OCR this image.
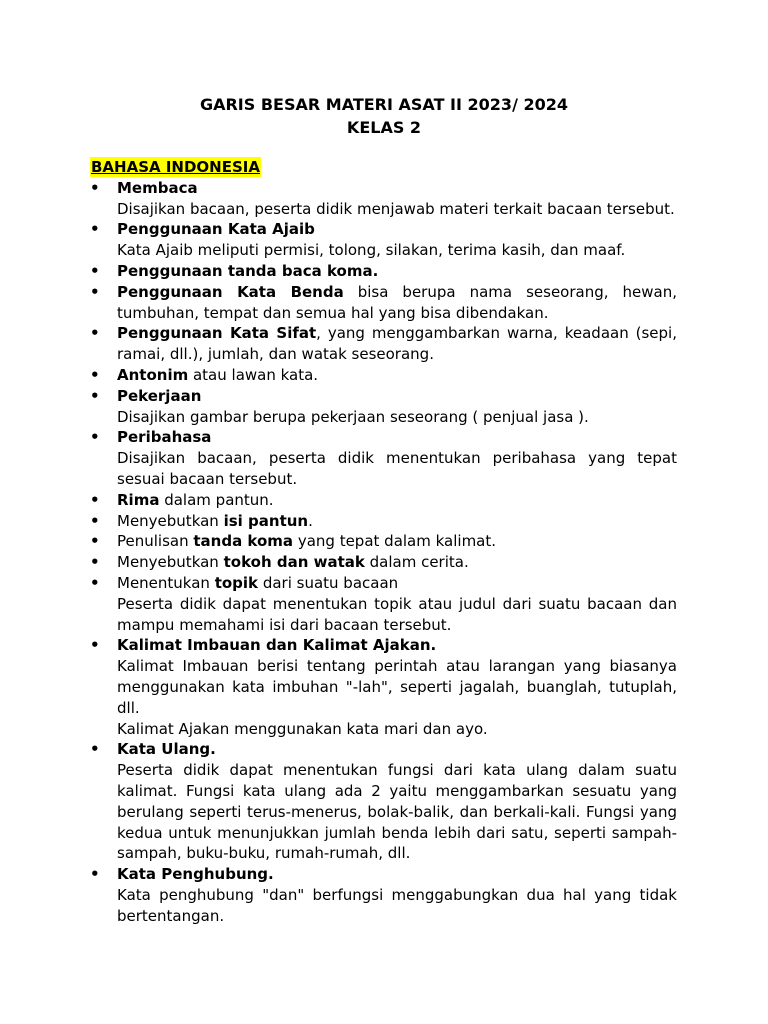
GARIS BESAR MATERI ASAT II 2023/ 2024
KELAS 2
BAHASA INDONESIA
•	Membaca
Disajikan bacaan, peserta didik menjawab materi terkait bacaan tersebut.
•	Penggunaan Kata Ajaib
Kata Ajaib meliputi permisi, tolong, silakan, terima kasih, dan maaf.
•	Penggunaan tanda baca koma.
•	Penggunaan Kata Benda bisa berupa nama seseorang, hewan, tumbuhan, tempat dan semua hal yang bisa dibendakan.
•	Penggunaan Kata Sifat, yang menggambarkan warna, keadaan (sepi, ramai, dll.), jumlah, dan watak seseorang.
•	Antonim atau lawan kata.
•	Pekerjaan
Disajikan gambar berupa pekerjaan seseorang ( penjual jasa ).
•	Peribahasa
Disajikan bacaan, peserta didik menentukan peribahasa yang tepat sesuai bacaan tersebut.
•	Rima dalam pantun.
•	Menyebutkan isi pantun.
•	Penulisan tanda koma yang tepat dalam kalimat.
•	Menyebutkan tokoh dan watak dalam cerita.
•	Menentukan topik dari suatu bacaan
Peserta didik dapat menentukan topik atau judul dari suatu bacaan dan mampu memahami isi dari bacaan tersebut.
•	Kalimat Imbauan dan Kalimat Ajakan.
Kalimat Imbauan berisi tentang perintah atau larangan yang biasanya menggunakan kata imbuhan "-lah", seperti jagalah, buanglah, tutuplah, dll.
Kalimat Ajakan menggunakan kata mari dan ayo.
•	Kata Ulang.
Peserta didik dapat menentukan fungsi dari kata ulang dalam suatu kalimat. Fungsi kata ulang ada 2 yaitu menggambarkan sesuatu yang berulang seperti terus-menerus, bolak-balik, dan berkali-kali. Fungsi yang kedua untuk menunjukkan jumlah benda lebih dari satu, seperti sampah-sampah, buku-buku, rumah-rumah, dll.
•	Kata Penghubung.
Kata penghubung "dan" berfungsi menggabungkan dua hal yang tidak bertentangan.
